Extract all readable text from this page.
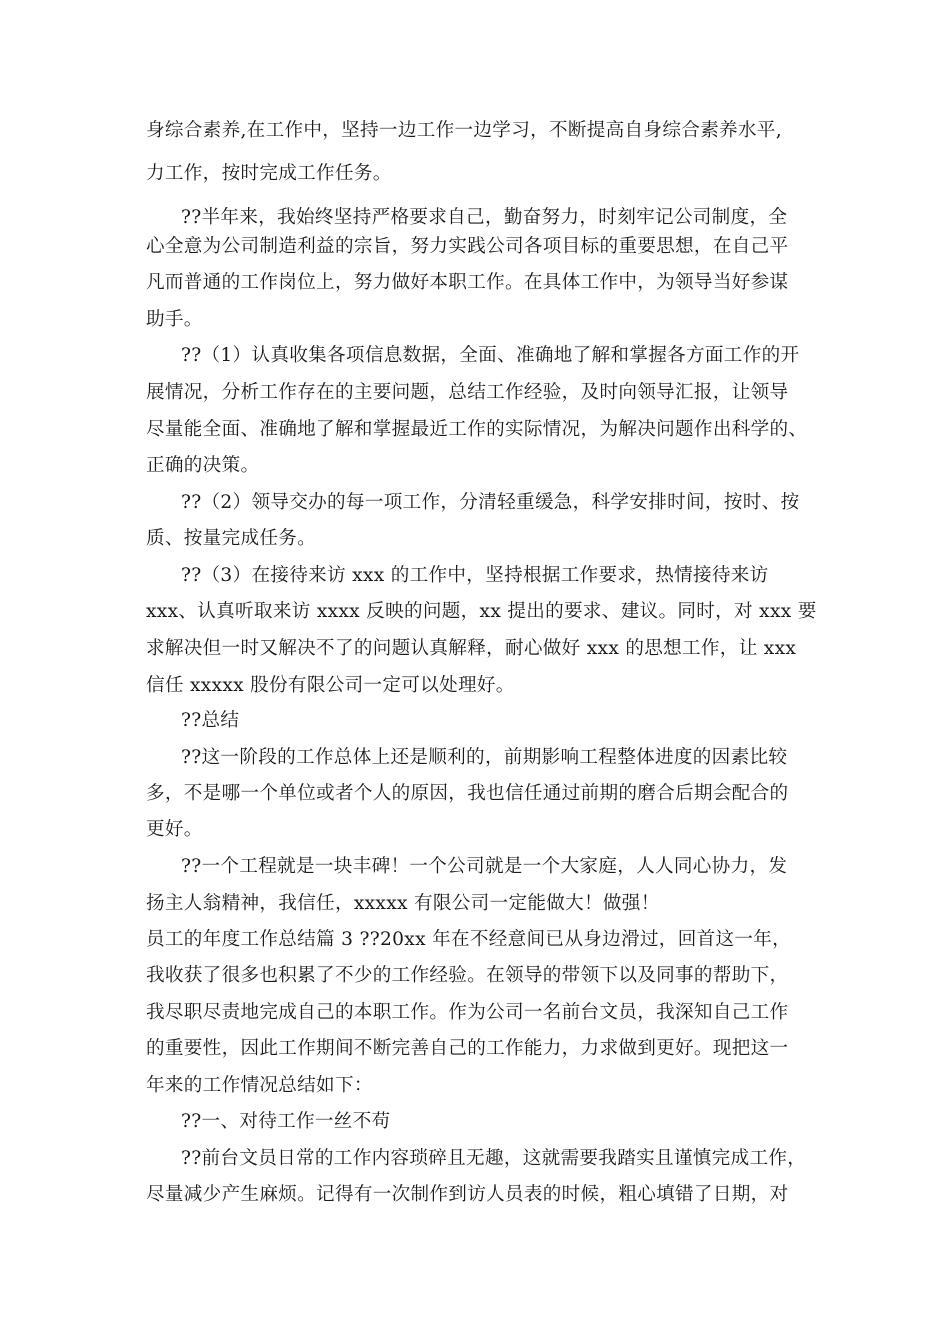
身综合素养,在工作中，坚持一边工作一边学习，不断提高自身综合素养水平,
力工作，按时完成工作任务。
??半年来，我始终坚持严格要求自己，勤奋努力，时刻牢记公司制度，全
心全意为公司制造利益的宗旨，努力实践公司各项目标的重要思想，在自己平
凡而普通的工作岗位上，努力做好本职工作。在具体工作中，为领导当好参谋
助手。
??（1）认真收集各项信息数据，全面、准确地了解和掌握各方面工作的开
展情况，分析工作存在的主要问题，总结工作经验，及时向领导汇报，让领导
尽量能全面、准确地了解和掌握最近工作的实际情况，为解决问题作出科学的、
正确的决策。
??（2）领导交办的每一项工作，分清轻重缓急，科学安排时间，按时、按
质、按量完成任务。
??（3）在接待来访 xxx 的工作中，坚持根据工作要求，热情接待来访
xxx、认真听取来访 xxxx 反映的问题，xx 提出的要求、建议。同时，对 xxx 要
求解决但一时又解决不了的问题认真解释，耐心做好 xxx 的思想工作，让 xxx
信任 xxxxx 股份有限公司一定可以处理好。
??总结
??这一阶段的工作总体上还是顺利的，前期影响工程整体进度的因素比较
多，不是哪一个单位或者个人的原因，我也信任通过前期的磨合后期会配合的
更好。
??一个工程就是一块丰碑！一个公司就是一个大家庭，人人同心协力，发
扬主人翁精神，我信任，xxxxx 有限公司一定能做大！做强！
员工的年度工作总结篇 3 ??20xx 年在不经意间已从身边滑过，回首这一年，
我收获了很多也积累了不少的工作经验。在领导的带领下以及同事的帮助下，
我尽职尽责地完成自己的本职工作。作为公司一名前台文员，我深知自己工作
的重要性，因此工作期间不断完善自己的工作能力，力求做到更好。现把这一
年来的工作情况总结如下：
??一、对待工作一丝不苟
??前台文员日常的工作内容琐碎且无趣，这就需要我踏实且谨慎完成工作，
尽量减少产生麻烦。记得有一次制作到访人员表的时候，粗心填错了日期，对
